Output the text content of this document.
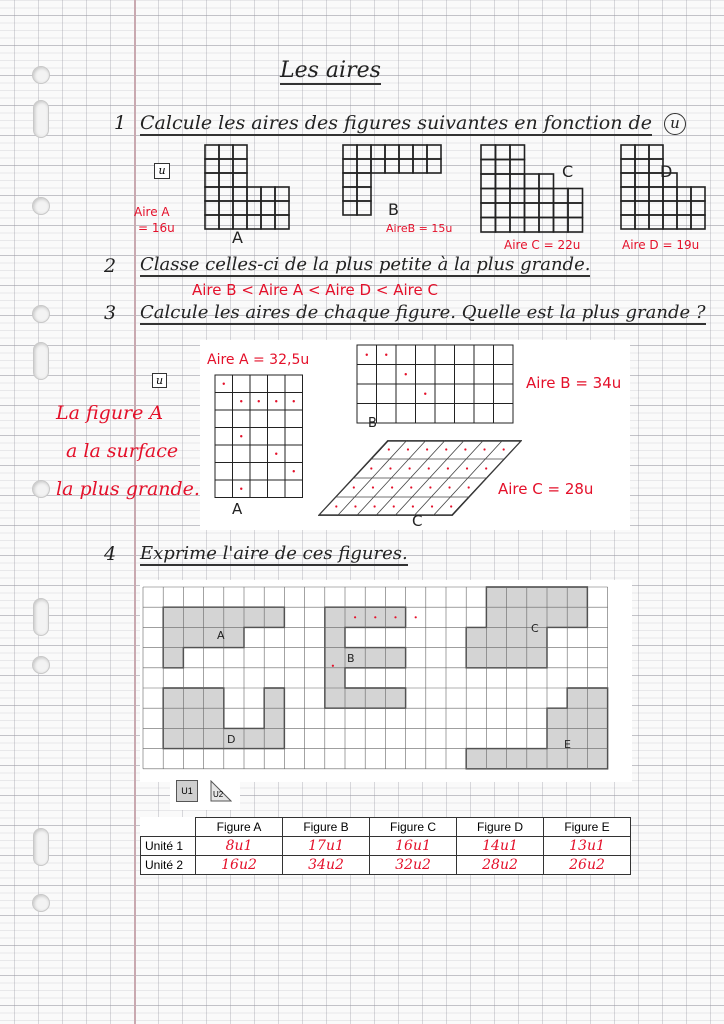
Les aires
1 Calcule les aires des figures suivantes en fonction de	u
u
A
B
C	D
Aire A
= 16u	AireB = 15u
Aire C = 22u	Aire D = 19u
2 Classe celles-ci de la plus petite à la plus grande.
Aire B < Aire A < Aire D < Aire C
3 Calcule les aires de chaque figure. Quelle est la plus grande ?
u
Aire A = 32,5u
A
B
C
Aire B = 34u
Aire C = 28u
La figure A
a la surface
la plus grande.
4 Exprime l'aire de ces figures.
A
B
C
D	E
U1	U2
	Figure A	Figure B	Figure C	Figure D	Figure E
Unité 1	8u1	17u1	16u1	14u1	13u1
Unité 2	16u2	34u2	32u2	28u2	26u2
